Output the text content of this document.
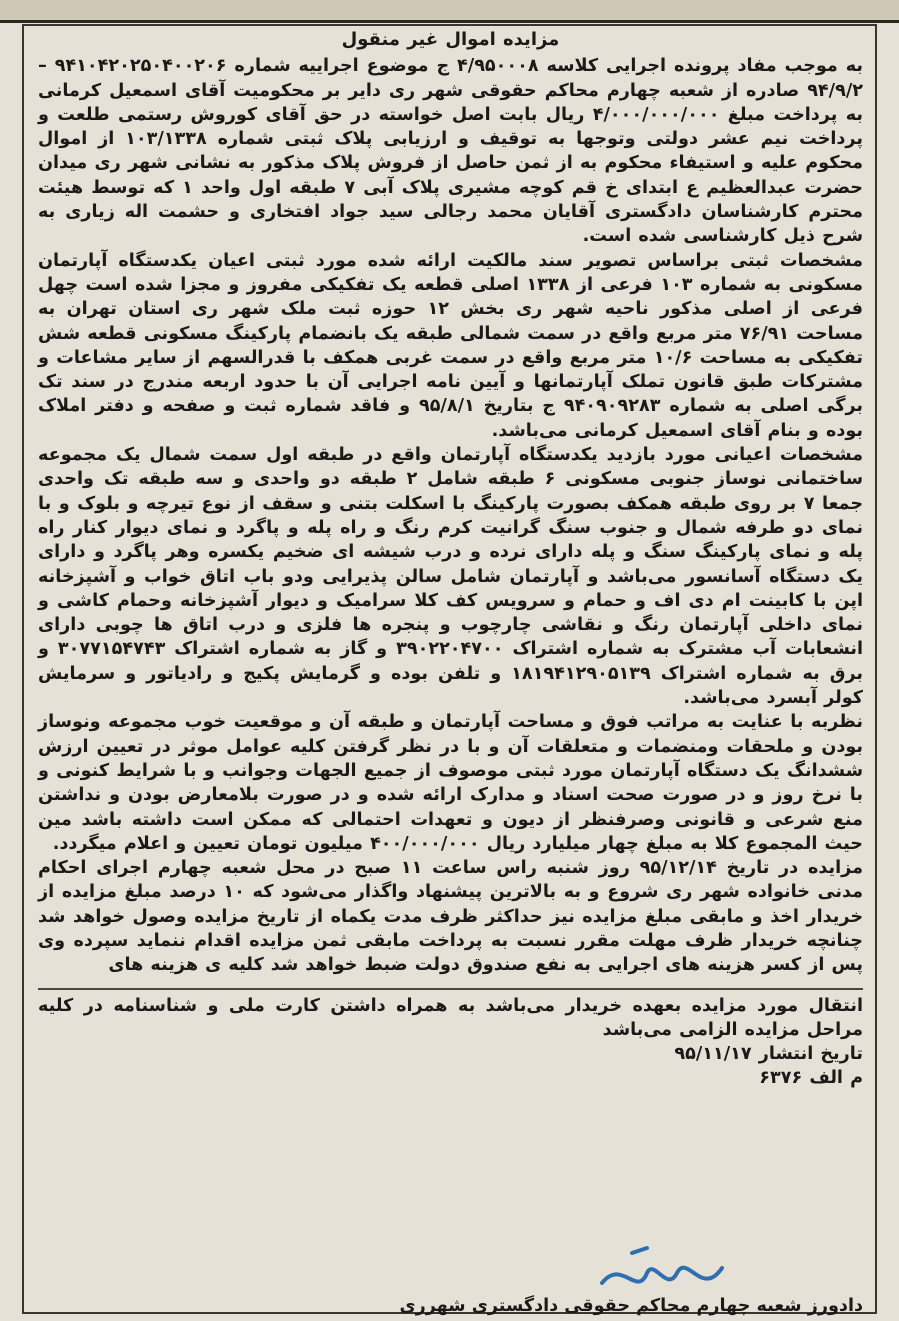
مزایده اموال غیر منقول

به موجب مفاد پرونده اجرایی کلاسه ۴/۹۵۰۰۰۸ ج موضوع اجراییه شماره ۹۴۱۰۴۲۰۲۵۰۴۰۰۲۰۶ – ۹۴/۹/۲ صادره از شعبه چهارم محاکم حقوقی شهر ری دایر بر محکومیت آقای اسمعیل کرمانی به پرداخت مبلغ ۴/۰۰۰/۰۰۰/۰۰۰ ریال بابت اصل خواسته در حق آقای کوروش رستمی طلعت و پرداخت نیم عشر دولتی وتوجها به توقیف و ارزیابی پلاک ثبتی شماره ۱۰۳/۱۳۳۸ از اموال محکوم علیه و استیفاء محکوم به از ثمن حاصل از فروش پلاک مذکور به نشانی شهر ری میدان حضرت عبدالعظیم ع ابتدای خ قم کوچه مشیری پلاک آبی ۷ طبقه اول واحد ۱ که توسط هیئت محترم کارشناسان دادگستری آقایان محمد رجالی سید جواد افتخاری و حشمت اله زیاری به شرح ذیل کارشناسی شده است.

مشخصات ثبتی براساس تصویر سند مالکیت ارائه شده مورد ثبتی اعیان یکدستگاه آپارتمان مسکونی به شماره ۱۰۳ فرعی از ۱۳۳۸ اصلی قطعه یک تفکیکی مفروز و مجزا شده است چهل فرعی از اصلی مذکور ناحیه شهر ری بخش ۱۲ حوزه ثبت ملک شهر ری استان تهران به مساحت ۷۶/۹۱ متر مربع واقع در سمت شمالی طبقه یک بانضمام پارکینگ مسکونی قطعه شش تفکیکی به مساحت ۱۰/۶ متر مربع واقع در سمت غربی همکف با قدرالسهم از سایر مشاعات و مشترکات طبق قانون تملک آپارتمانها و آیین نامه اجرایی آن با حدود اربعه مندرج در سند تک برگی اصلی به شماره ۹۴۰۹۰۹۲۸۳ ج بتاریخ ۹۵/۸/۱ و فاقد شماره ثبت و صفحه و دفتر املاک بوده و بنام آقای اسمعیل کرمانی می‌باشد.

مشخصات اعیانی مورد بازدید یکدستگاه آپارتمان واقع در طبقه اول سمت شمال یک مجموعه ساختمانی نوساز جنوبی مسکونی ۶ طبقه شامل ۲ طبقه دو واحدی و سه طبقه تک واحدی جمعا ۷ بر روی طبقه همکف بصورت پارکینگ با اسکلت بتنی و سقف از نوع تیرچه و بلوک و با نمای دو طرفه شمال و جنوب سنگ گرانیت کرم رنگ و راه پله و پاگرد و نمای دیوار کنار راه پله و نمای پارکینگ سنگ و پله دارای نرده و درب شیشه ای ضخیم یکسره وهر پاگرد و دارای یک دستگاه آسانسور می‌باشد و آپارتمان شامل سالن پذیرایی ودو باب اتاق خواب و آشپزخانه اپن با کابینت ام دی اف و حمام و سرویس کف کلا سرامیک و دیوار آشپزخانه وحمام کاشی و نمای داخلی آپارتمان رنگ و نقاشی چارچوب و پنجره ها فلزی و درب اتاق ها چوبی دارای انشعابات آب مشترک به شماره اشتراک ۳۹۰۲۲۰۴۷۰۰ و گاز به شماره اشتراک ۳۰۷۷۱۵۴۷۴۳ و برق به شماره اشتراک ۱۸۱۹۴۱۲۹۰۵۱۳۹ و تلفن بوده و گرمایش پکیج و رادیاتور و سرمایش کولر آبسرد می‌باشد.

نظربه با عنایت به مراتب فوق و مساحت آپارتمان و طبقه آن و موقعیت خوب مجموعه ونوساز بودن و ملحقات ومنضمات و متعلقات آن و با در نظر گرفتن کلیه عوامل موثر در تعیین ارزش ششدانگ یک دستگاه آپارتمان مورد ثبتی موصوف از جمیع الجهات وجوانب و با شرایط کنونی و با نرخ روز و در صورت صحت اسناد و مدارک ارائه شده و در صورت بلامعارض بودن و نداشتن منع شرعی و قانونی وصرفنظر از دیون و تعهدات احتمالی که ممکن است داشته باشد مین حیث المجموع کلا به مبلغ چهار میلیارد ریال ۴۰۰/۰۰۰/۰۰۰ میلیون تومان تعیین و اعلام میگردد.

مزایده در تاریخ ۹۵/۱۲/۱۴ روز شنبه راس ساعت ۱۱ صبح در محل شعبه چهارم اجرای احکام مدنی خانواده شهر ری شروع و به بالاترین پیشنهاد واگذار می‌شود که ۱۰ درصد مبلغ مزایده از خریدار اخذ و مابقی مبلغ مزایده نیز حداکثر ظرف مدت یکماه از تاریخ مزایده وصول خواهد شد چنانچه خریدار ظرف مهلت مقرر نسبت به پرداخت مابقی ثمن مزایده اقدام ننماید سپرده وی پس از کسر هزینه های اجرایی به نفع صندوق دولت ضبط خواهد شد کلیه ی هزینه های

انتقال مورد مزایده بعهده خریدار می‌باشد به همراه داشتن کارت ملی و شناسنامه در کلیه مراحل مزایده الزامی می‌باشد

تاریخ انتشار ۹۵/۱۱/۱۷
م الف ۶۳۷۶
دادورز شعبه چهارم محاکم حقوقی دادگستری شهرری
